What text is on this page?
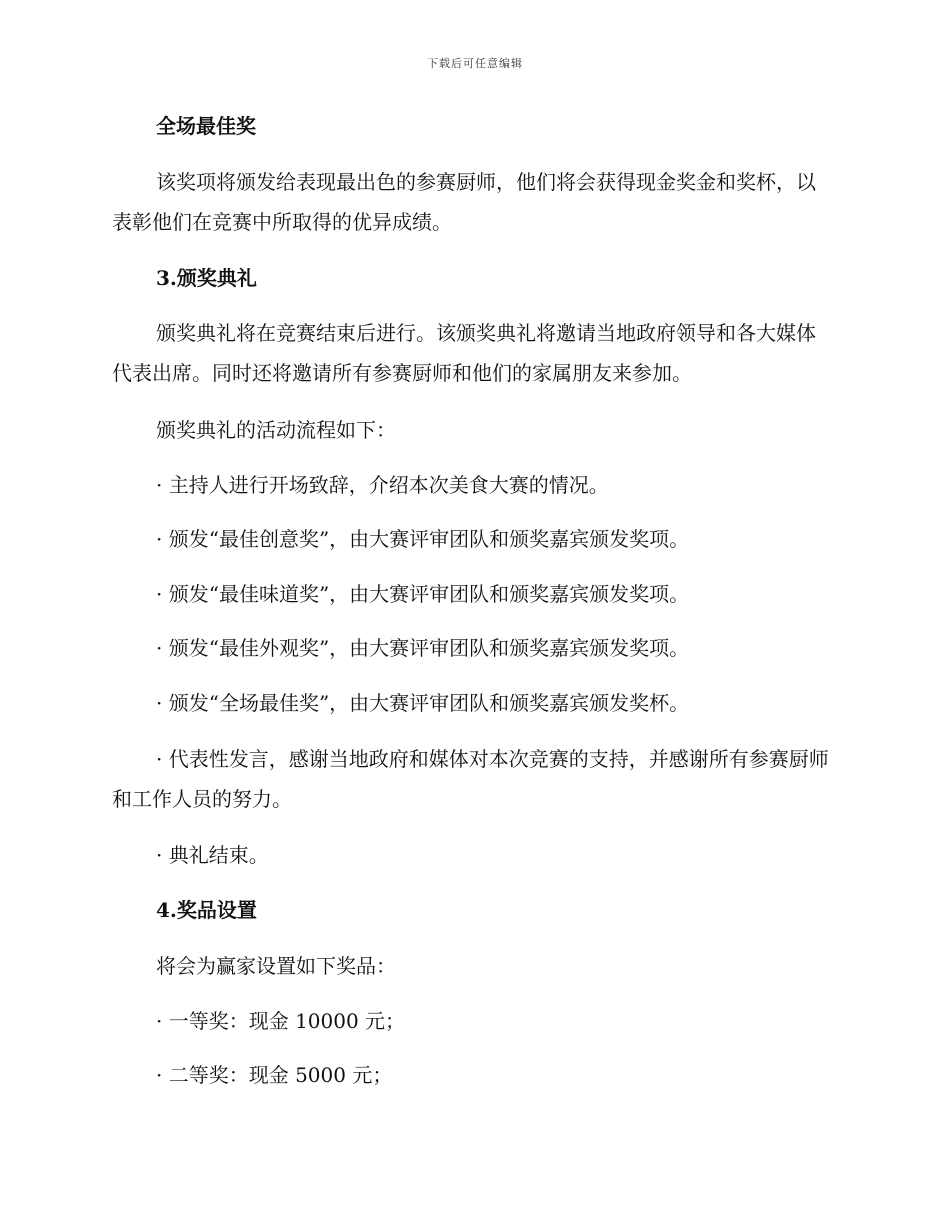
下载后可任意编辑
全场最佳奖
该奖项将颁发给表现最出色的参赛厨师，他们将会获得现金奖金和奖杯，以表彰他们在竞赛中所取得的优异成绩。
3.颁奖典礼
颁奖典礼将在竞赛结束后进行。该颁奖典礼将邀请当地政府领导和各大媒体代表出席。同时还将邀请所有参赛厨师和他们的家属朋友来参加。
颁奖典礼的活动流程如下：
· 主持人进行开场致辞，介绍本次美食大赛的情况。
· 颁发“最佳创意奖”，由大赛评审团队和颁奖嘉宾颁发奖项。
· 颁发“最佳味道奖”，由大赛评审团队和颁奖嘉宾颁发奖项。
· 颁发“最佳外观奖”，由大赛评审团队和颁奖嘉宾颁发奖项。
· 颁发“全场最佳奖”，由大赛评审团队和颁奖嘉宾颁发奖杯。
· 代表性发言，感谢当地政府和媒体对本次竞赛的支持，并感谢所有参赛厨师和工作人员的努力。
· 典礼结束。
4.奖品设置
将会为赢家设置如下奖品：
· 一等奖：现金 10000 元；
· 二等奖：现金 5000 元；
